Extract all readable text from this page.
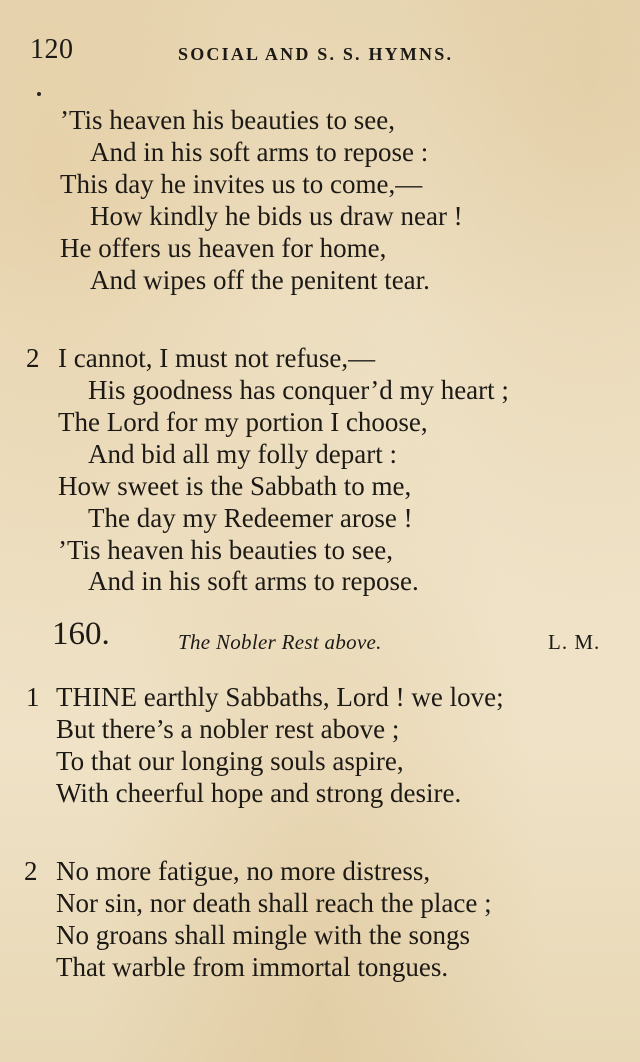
120	SOCIAL AND S. S. HYMNS.
’Tis heaven his beauties to see,
And in his soft arms to repose :
This day he invites us to come,—
How kindly he bids us draw near !
He offers us heaven for home,
And wipes off the penitent tear.
2 I cannot, I must not refuse,—
His goodness has conquer’d my heart ;
The Lord for my portion I choose,
And bid all my folly depart :
How sweet is the Sabbath to me,
The day my Redeemer arose !
’Tis heaven his beauties to see,
And in his soft arms to repose.
160.	The Nobler Rest above.	L. M.
1 THINE earthly Sabbaths, Lord ! we love;
But there’s a nobler rest above ;
To that our longing souls aspire,
With cheerful hope and strong desire.
2 No more fatigue, no more distress,
Nor sin, nor death shall reach the place ;
No groans shall mingle with the songs
That warble from immortal tongues.
